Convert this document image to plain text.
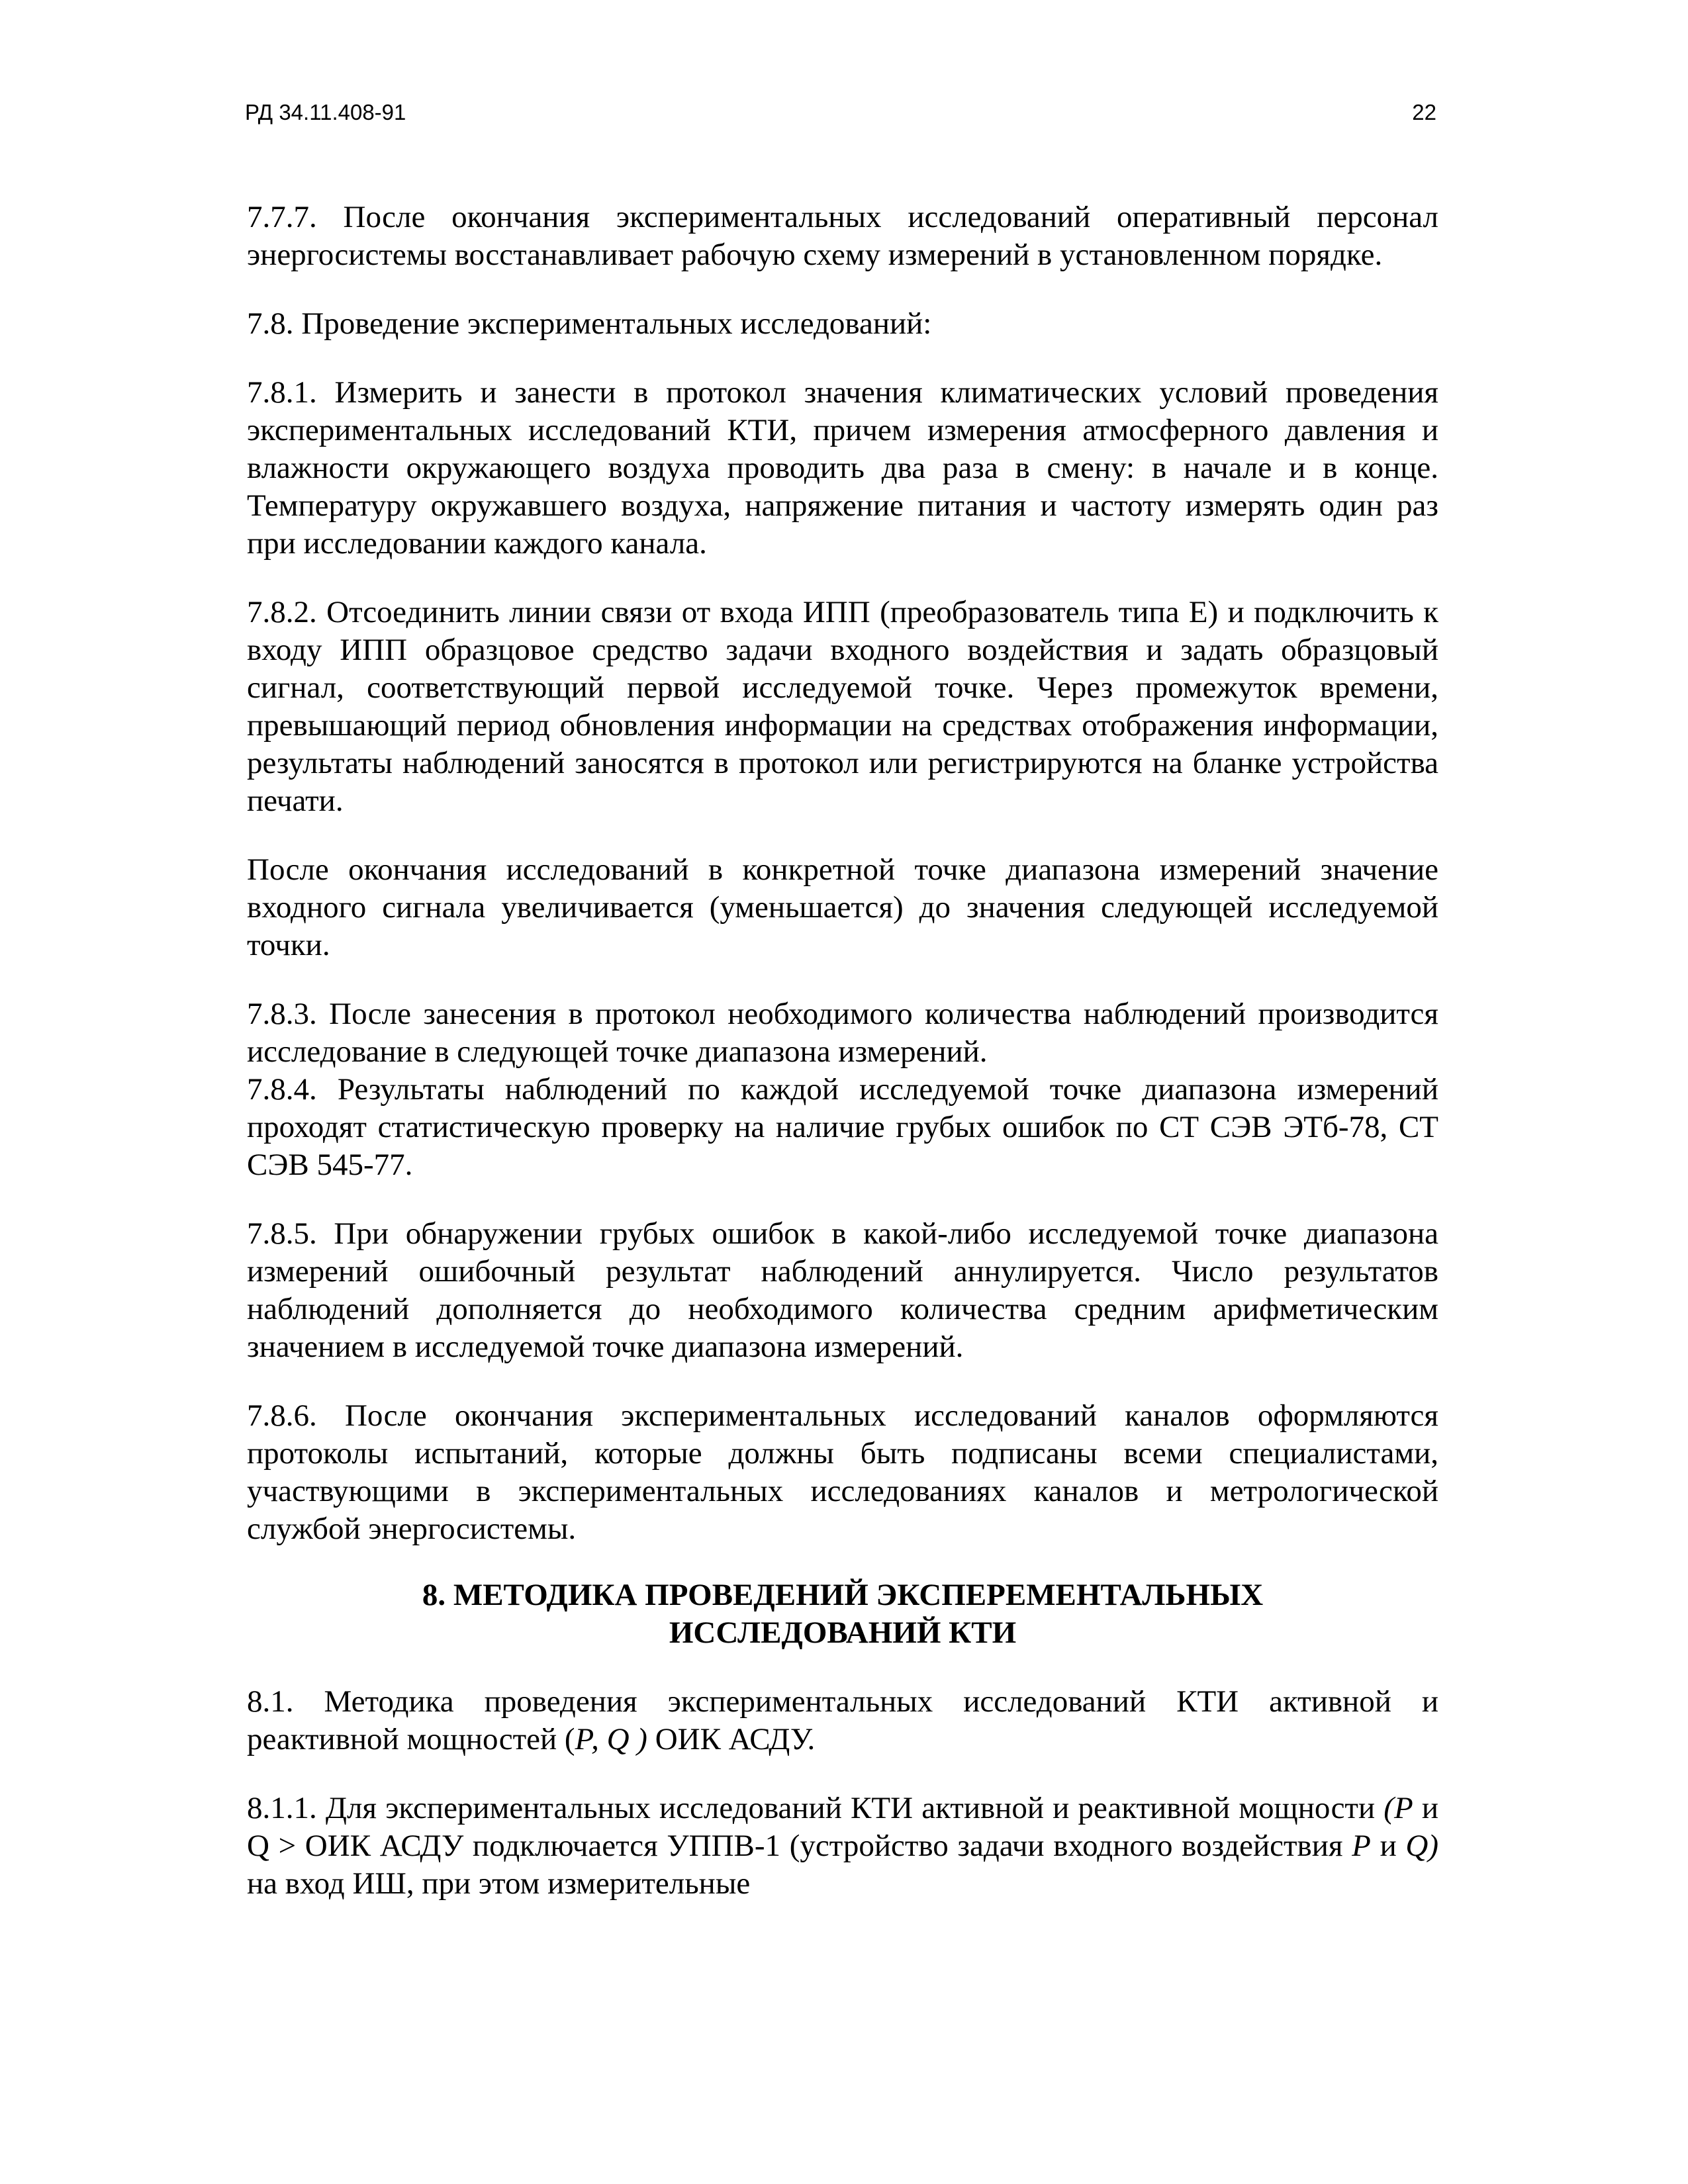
РД 34.11.408-91	22

7.7.7. После окончания экспериментальных исследований оперативный персонал энергосистемы восстанавливает рабочую схему измерений в установленном порядке.

7.8. Проведение экспериментальных исследований:

7.8.1. Измерить и занести в протокол значения климатических условий проведения экспериментальных исследований КТИ, причем измерения атмосферного давления и влажности окружающего воздуха проводить два раза в смену: в начале и в конце. Температуру окружавшего воздуха, напряжение питания и частоту измерять один раз при исследовании каждого канала.

7.8.2. Отсоединить линии связи от входа ИПП (преобразователь типа Е) и подключить к входу ИПП образцовое средство задачи входного воздействия и задать образцовый сигнал, соответствующий первой исследуемой точке. Через промежуток времени, превышающий период обновления информации на средствах отображения информации, результаты наблюдений заносятся в протокол или регистрируются на бланке устройства печати.

После окончания исследований в конкретной точке диапазона измерений значение входного сигнала увеличивается (уменьшается) до значения следующей исследуемой точки.

7.8.3. После занесения в протокол необходимого количества наблюдений производится исследование в следующей точке диапазона измерений.

7.8.4. Результаты наблюдений по каждой исследуемой точке диапазона измерений проходят статистическую проверку на наличие грубых ошибок по СТ СЭВ ЭТб-78, СТ СЭВ 545-77.

7.8.5. При обнаружении грубых ошибок в какой-либо исследуемой точке диапазона измерений ошибочный результат наблюдений аннулируется. Число результатов наблюдений дополняется до необходимого количества средним арифметическим значением в исследуемой точке диапазона измерений.

7.8.6. После окончания экспериментальных исследований каналов оформляются протоколы испытаний, которые должны быть подписаны всеми специалистами, участвующими в экспериментальных исследованиях каналов и метрологической службой энергосистемы.

8. МЕТОДИКА ПРОВЕДЕНИЙ ЭКСПЕРЕМЕНТАЛЬНЫХ
ИССЛЕДОВАНИЙ КТИ

8.1. Методика проведения экспериментальных исследований КТИ активной и реактивной мощностей (Р, Q ) ОИК АСДУ.

8.1.1. Для экспериментальных исследований КТИ активной и реактивной мощности (Р и Q > ОИК АСДУ подключается УППВ-1 (устройство задачи входного воздействия Р и Q) на вход ИШ, при этом измерительные
